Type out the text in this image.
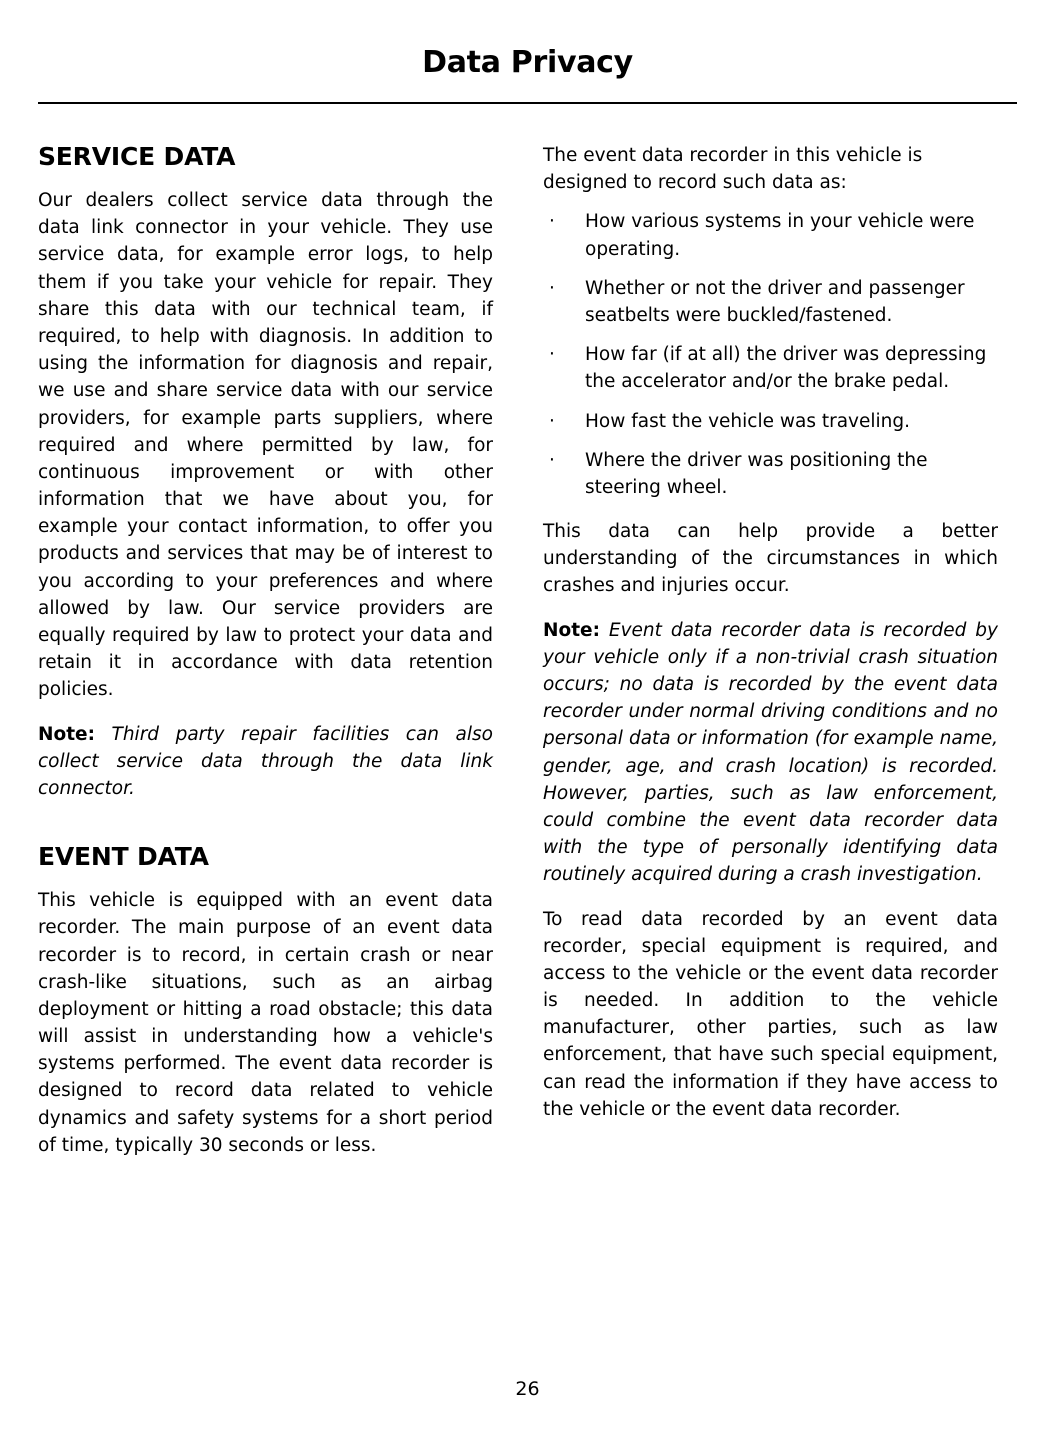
Data Privacy
SERVICE DATA

Our dealers collect service data through the data link connector in your vehicle. They use service data, for example error logs, to help them if you take your vehicle for repair. They share this data with our technical team, if required, to help with diagnosis. In addition to using the information for diagnosis and repair, we use and share service data with our service providers, for example parts suppliers, where required and where permitted by law, for continuous improvement or with other information that we have about you, for example your contact information, to offer you products and services that may be of interest to you according to your preferences and where allowed by law. Our service providers are equally required by law to protect your data and retain it in accordance with data retention policies.

Note: Third party repair facilities can also collect service data through the data link connector.

EVENT DATA

This vehicle is equipped with an event data recorder. The main purpose of an event data recorder is to record, in certain crash or near crash-like situations, such as an airbag deployment or hitting a road obstacle; this data will assist in understanding how a vehicle's systems performed. The event data recorder is designed to record data related to vehicle dynamics and safety systems for a short period of time, typically 30 seconds or less.

The event data recorder in this vehicle is designed to record such data as:

· How various systems in your vehicle were operating.
· Whether or not the driver and passenger seatbelts were buckled/fastened.
· How far (if at all) the driver was depressing the accelerator and/or the brake pedal.
· How fast the vehicle was traveling.
· Where the driver was positioning the steering wheel.

This data can help provide a better understanding of the circumstances in which crashes and injuries occur.

Note: Event data recorder data is recorded by your vehicle only if a non-trivial crash situation occurs; no data is recorded by the event data recorder under normal driving conditions and no personal data or information (for example name, gender, age, and crash location) is recorded. However, parties, such as law enforcement, could combine the event data recorder data with the type of personally identifying data routinely acquired during a crash investigation.

To read data recorded by an event data recorder, special equipment is required, and access to the vehicle or the event data recorder is needed. In addition to the vehicle manufacturer, other parties, such as law enforcement, that have such special equipment, can read the information if they have access to the vehicle or the event data recorder.

26
